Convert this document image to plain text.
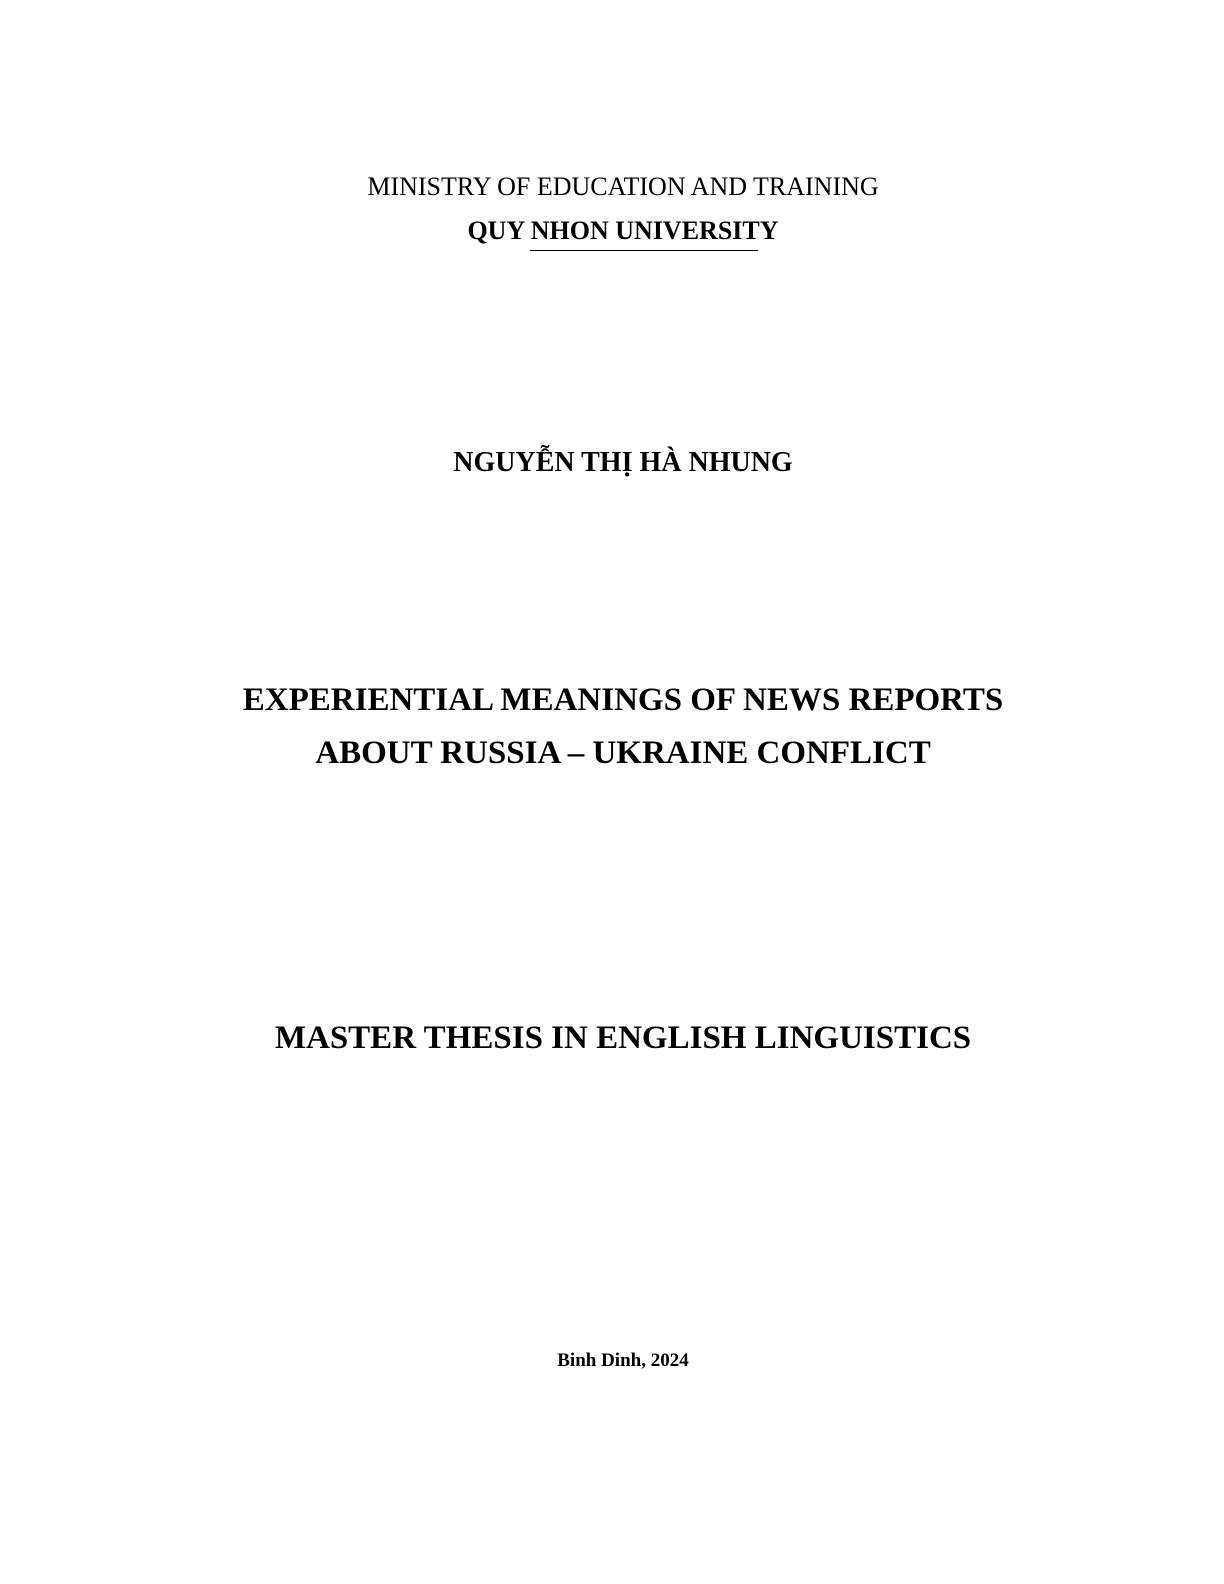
MINISTRY OF EDUCATION AND TRAINING

QUY NHON UNIVERSITY

NGUYỄN THỊ HÀ NHUNG

EXPERIENTIAL MEANINGS OF NEWS REPORTS

ABOUT RUSSIA – UKRAINE CONFLICT

MASTER THESIS IN ENGLISH LINGUISTICS

Binh Dinh, 2024
